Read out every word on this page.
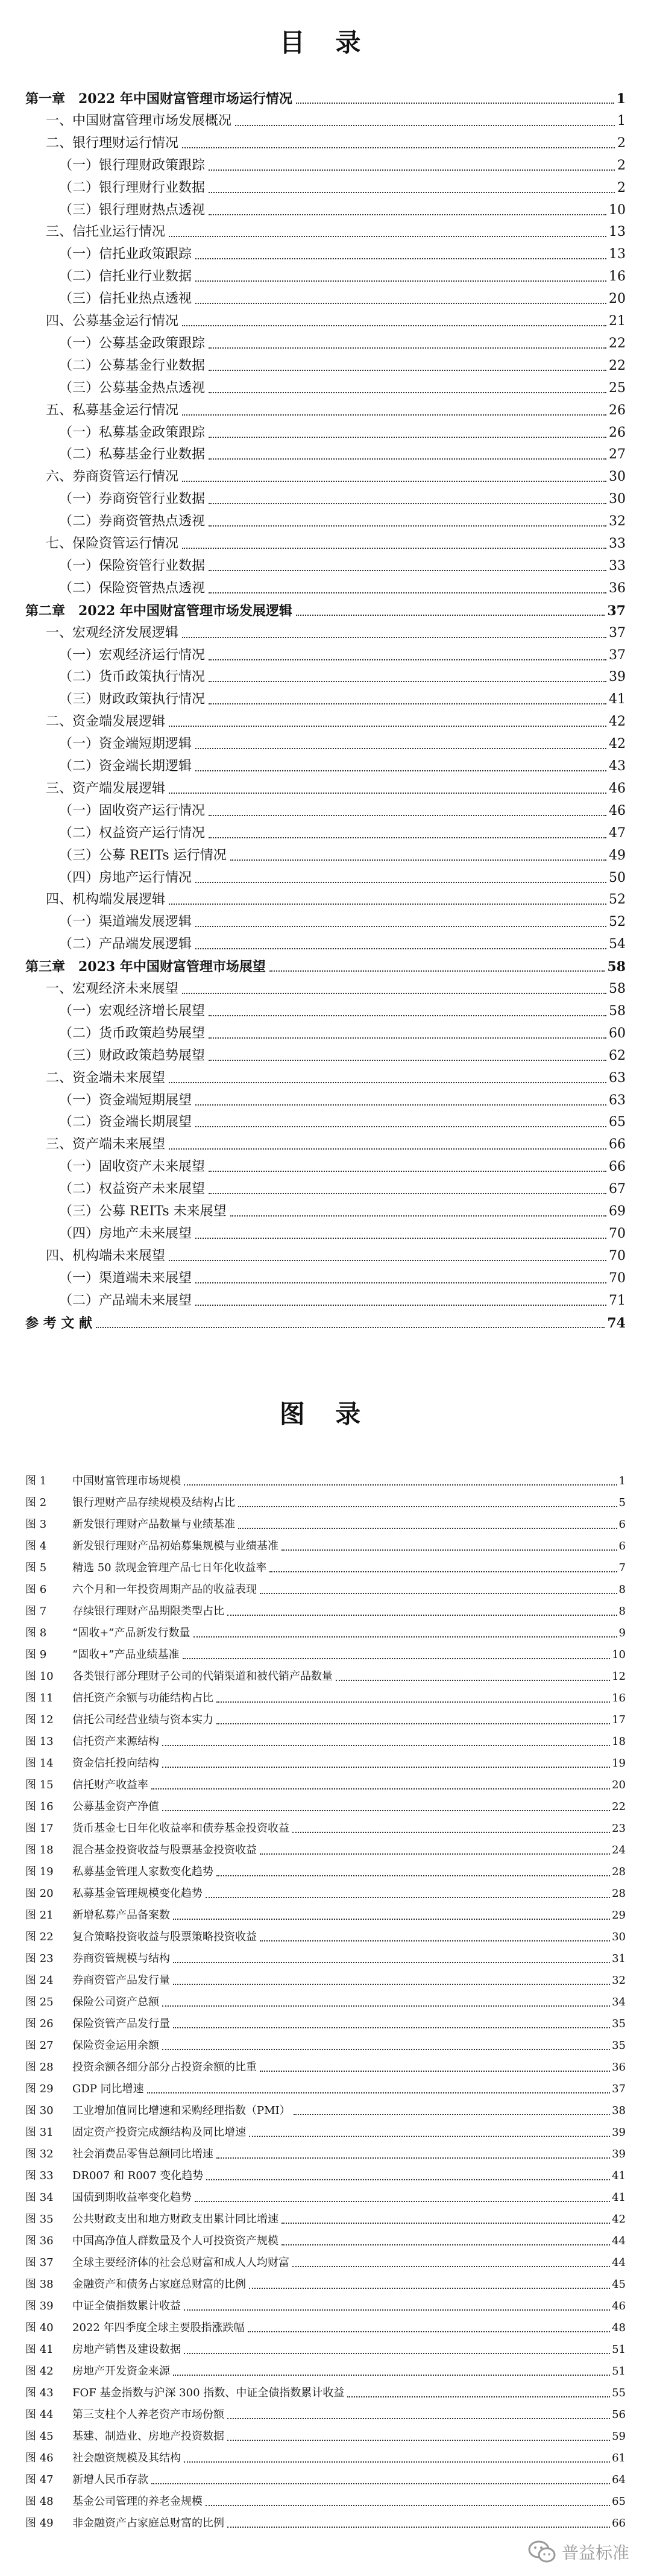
目 录
第一章　2022 年中国财富管理市场运行情况	1
一、中国财富管理市场发展概况	1
二、银行理财运行情况	2
（一）银行理财政策跟踪	2
（二）银行理财行业数据	2
（三）银行理财热点透视	10
三、信托业运行情况	13
（一）信托业政策跟踪	13
（二）信托业行业数据	16
（三）信托业热点透视	20
四、公募基金运行情况	21
（一）公募基金政策跟踪	22
（二）公募基金行业数据	22
（三）公募基金热点透视	25
五、私募基金运行情况	26
（一）私募基金政策跟踪	26
（二）私募基金行业数据	27
六、券商资管运行情况	30
（一）券商资管行业数据	30
（二）券商资管热点透视	32
七、保险资管运行情况	33
（一）保险资管行业数据	33
（二）保险资管热点透视	36
第二章　2022 年中国财富管理市场发展逻辑	37
一、宏观经济发展逻辑	37
（一）宏观经济运行情况	37
（二）货币政策执行情况	39
（三）财政政策执行情况	41
二、资金端发展逻辑	42
（一）资金端短期逻辑	42
（二）资金端长期逻辑	43
三、资产端发展逻辑	46
（一）固收资产运行情况	46
（二）权益资产运行情况	47
（三）公募 REITs 运行情况	49
（四）房地产运行情况	50
四、机构端发展逻辑	52
（一）渠道端发展逻辑	52
（二）产品端发展逻辑	54
第三章　2023 年中国财富管理市场展望	58
一、宏观经济未来展望	58
（一）宏观经济增长展望	58
（二）货币政策趋势展望	60
（三）财政政策趋势展望	62
二、资金端未来展望	63
（一）资金端短期展望	63
（二）资金端长期展望	65
三、资产端未来展望	66
（一）固收资产未来展望	66
（二）权益资产未来展望	67
（三）公募 REITs 未来展望	69
（四）房地产未来展望	70
四、机构端未来展望	70
（一）渠道端未来展望	70
（二）产品端未来展望	71
参 考 文 献	74
图 录
图 1	中国财富管理市场规模	1
图 2	银行理财产品存续规模及结构占比	5
图 3	新发银行理财产品数量与业绩基准	6
图 4	新发银行理财产品初始募集规模与业绩基准	6
图 5	精选 50 款现金管理产品七日年化收益率	7
图 6	六个月和一年投资周期产品的收益表现	8
图 7	存续银行理财产品期限类型占比	8
图 8	“固收+”产品新发行数量	9
图 9	“固收+”产品业绩基准	10
图 10	各类银行部分理财子公司的代销渠道和被代销产品数量	12
图 11	信托资产余额与功能结构占比	16
图 12	信托公司经营业绩与资本实力	17
图 13	信托资产来源结构	18
图 14	资金信托投向结构	19
图 15	信托财产收益率	20
图 16	公募基金资产净值	22
图 17	货币基金七日年化收益率和债券基金投资收益	23
图 18	混合基金投资收益与股票基金投资收益	24
图 19	私募基金管理人家数变化趋势	28
图 20	私募基金管理规模变化趋势	28
图 21	新增私募产品备案数	29
图 22	复合策略投资收益与股票策略投资收益	30
图 23	券商资管规模与结构	31
图 24	券商资管产品发行量	32
图 25	保险公司资产总额	34
图 26	保险资管产品发行量	35
图 27	保险资金运用余额	35
图 28	投资余额各细分部分占投资余额的比重	36
图 29	GDP 同比增速	37
图 30	工业增加值同比增速和采购经理指数（PMI）	38
图 31	固定资产投资完成额结构及同比增速	39
图 32	社会消费品零售总额同比增速	39
图 33	DR007 和 R007 变化趋势	41
图 34	国债到期收益率变化趋势	41
图 35	公共财政支出和地方财政支出累计同比增速	42
图 36	中国高净值人群数量及个人可投资资产规模	44
图 37	全球主要经济体的社会总财富和成人人均财富	44
图 38	金融资产和债务占家庭总财富的比例	45
图 39	中证全债指数累计收益	46
图 40	2022 年四季度全球主要股指涨跌幅	48
图 41	房地产销售及建设数据	51
图 42	房地产开发资金来源	51
图 43	FOF 基金指数与沪深 300 指数、中证全债指数累计收益	55
图 44	第三支柱个人养老资产市场份额	56
图 45	基建、制造业、房地产投资数据	59
图 46	社会融资规模及其结构	61
图 47	新增人民币存款	64
图 48	基金公司管理的养老金规模	65
图 49	非金融资产占家庭总财富的比例	66
普益标准
